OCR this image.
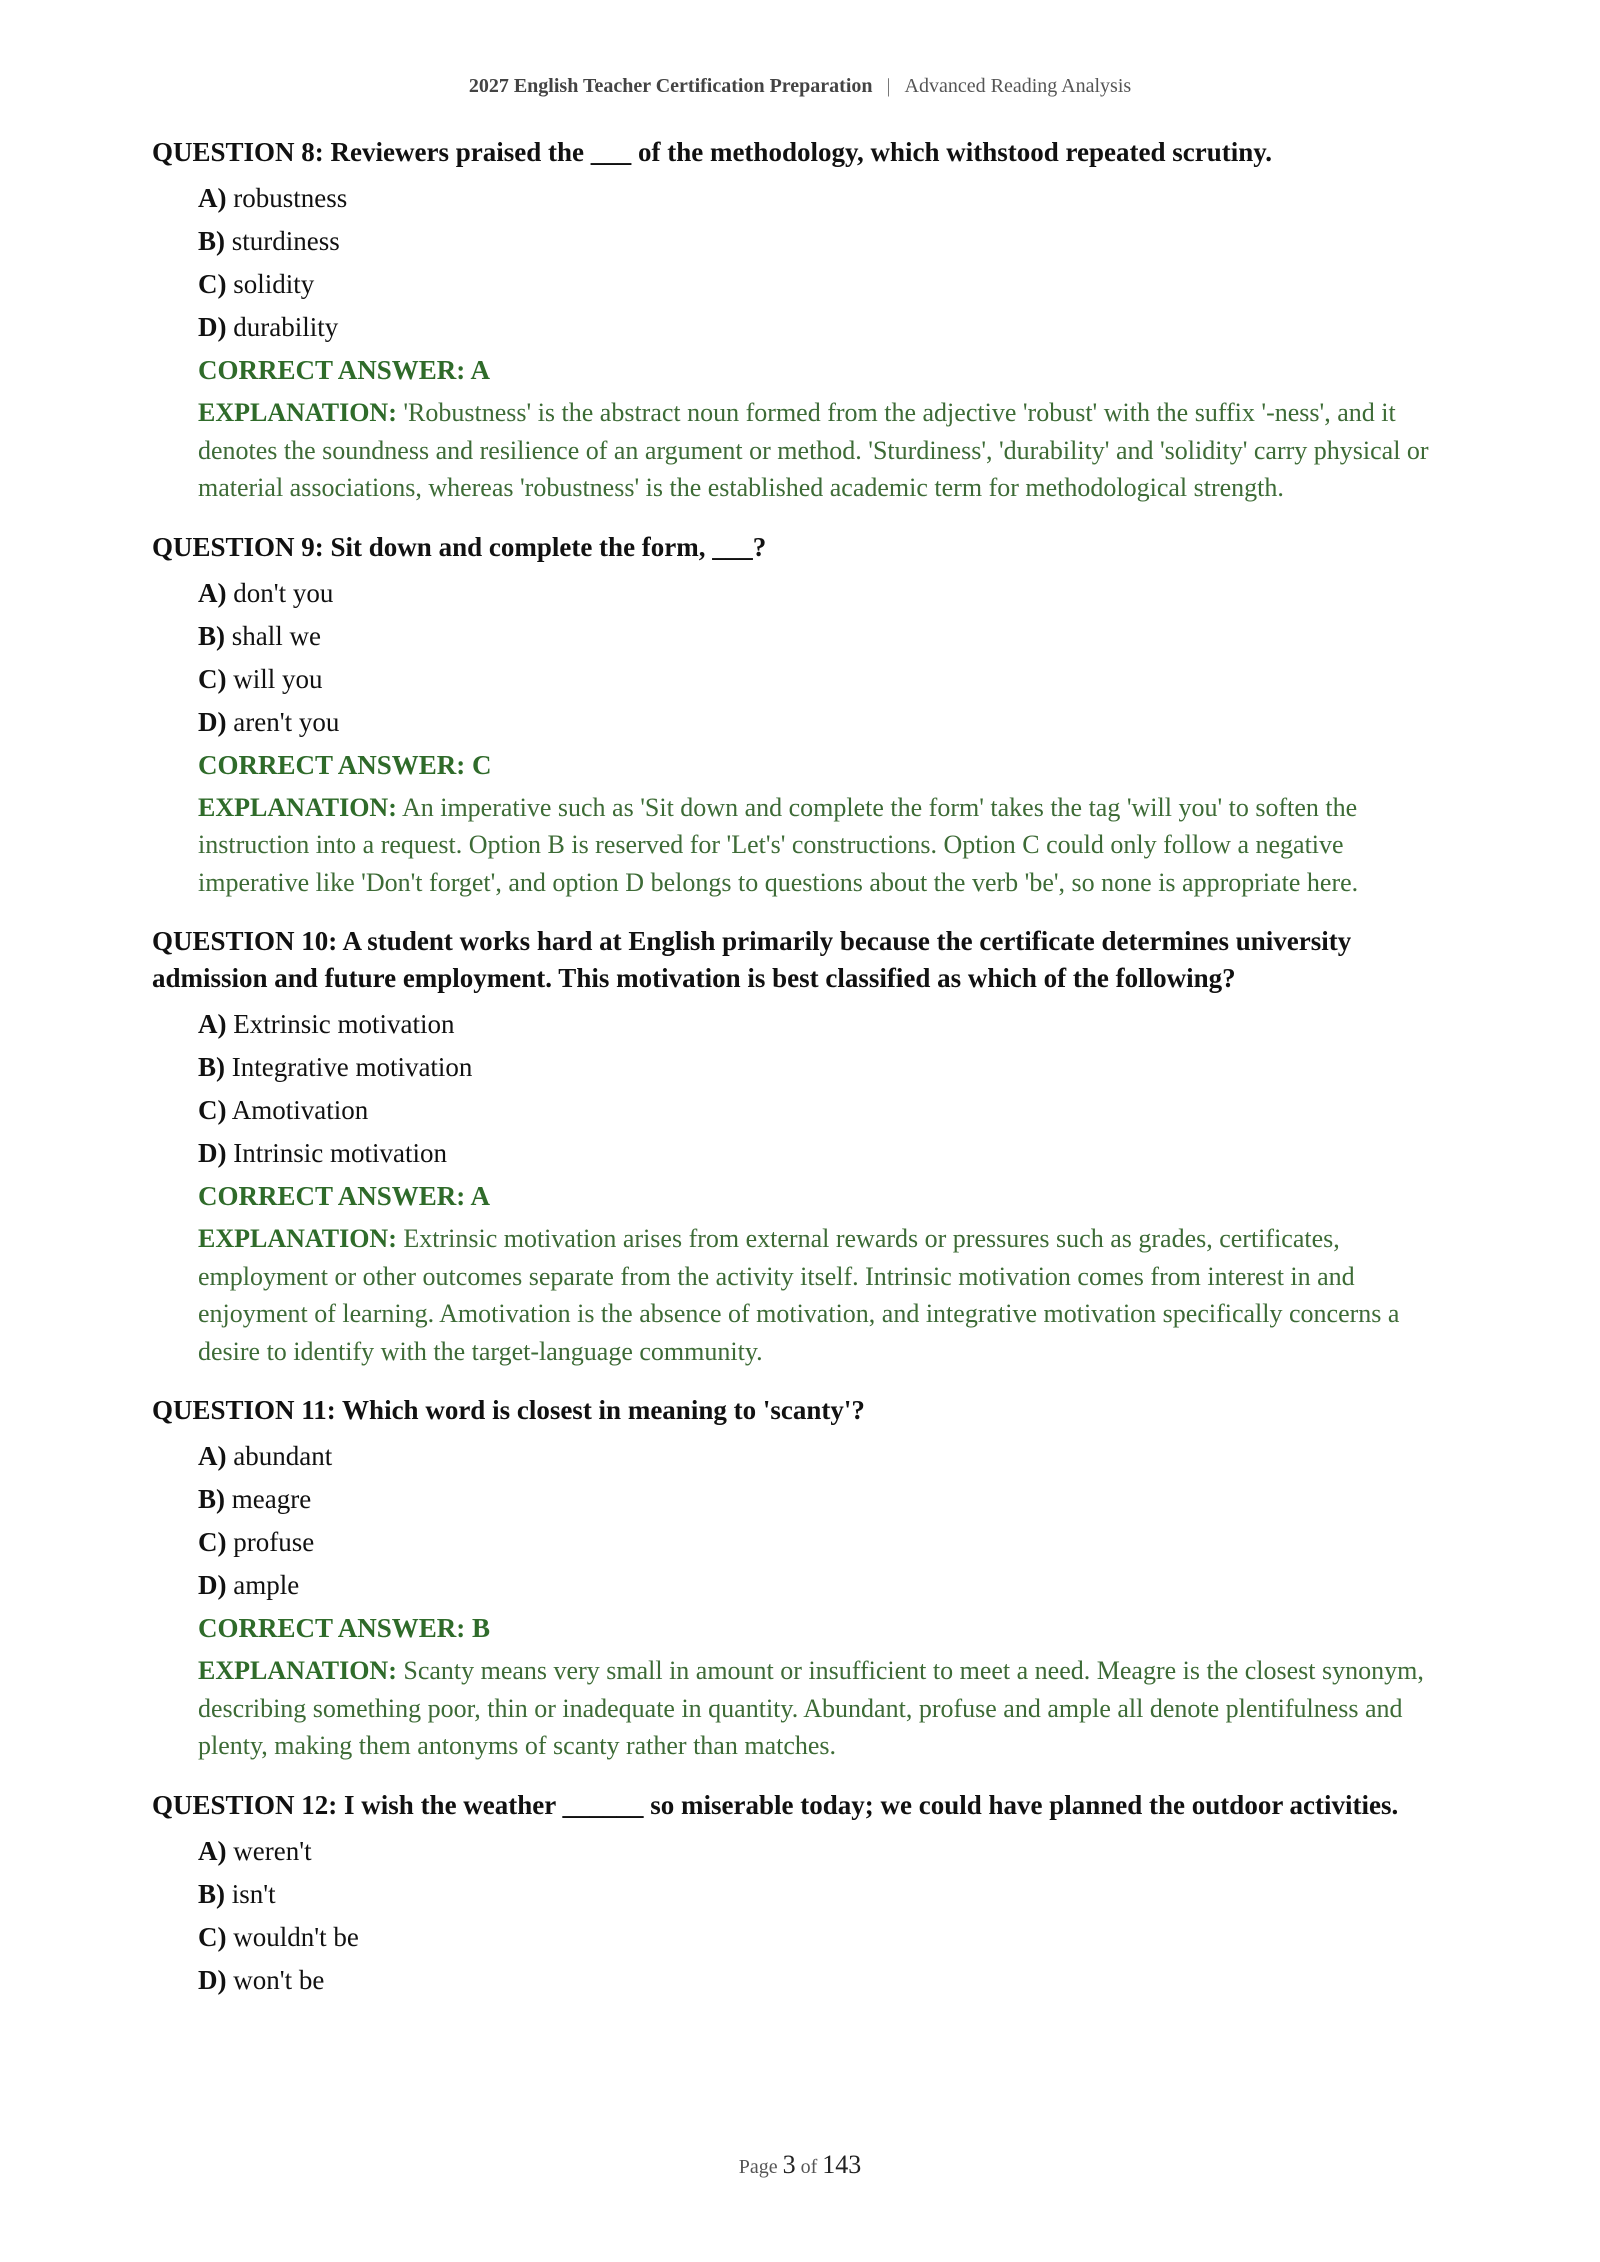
2027 English Teacher Certification Preparation | Advanced Reading Analysis
QUESTION 8: Reviewers praised the ___ of the methodology, which withstood repeated scrutiny.
A) robustness
B) sturdiness
C) solidity
D) durability
CORRECT ANSWER: A
EXPLANATION: 'Robustness' is the abstract noun formed from the adjective 'robust' with the suffix '-ness', and it denotes the soundness and resilience of an argument or method. 'Sturdiness', 'durability' and 'solidity' carry physical or material associations, whereas 'robustness' is the established academic term for methodological strength.
QUESTION 9: Sit down and complete the form, ___?
A) don't you
B) shall we
C) will you
D) aren't you
CORRECT ANSWER: C
EXPLANATION: An imperative such as 'Sit down and complete the form' takes the tag 'will you' to soften the instruction into a request. Option B is reserved for 'Let's' constructions. Option C could only follow a negative imperative like 'Don't forget', and option D belongs to questions about the verb 'be', so none is appropriate here.
QUESTION 10: A student works hard at English primarily because the certificate determines university admission and future employment. This motivation is best classified as which of the following?
A) Extrinsic motivation
B) Integrative motivation
C) Amotivation
D) Intrinsic motivation
CORRECT ANSWER: A
EXPLANATION: Extrinsic motivation arises from external rewards or pressures such as grades, certificates, employment or other outcomes separate from the activity itself. Intrinsic motivation comes from interest in and enjoyment of learning. Amotivation is the absence of motivation, and integrative motivation specifically concerns a desire to identify with the target-language community.
QUESTION 11: Which word is closest in meaning to 'scanty'?
A) abundant
B) meagre
C) profuse
D) ample
CORRECT ANSWER: B
EXPLANATION: Scanty means very small in amount or insufficient to meet a need. Meagre is the closest synonym, describing something poor, thin or inadequate in quantity. Abundant, profuse and ample all denote plentifulness and plenty, making them antonyms of scanty rather than matches.
QUESTION 12: I wish the weather ______ so miserable today; we could have planned the outdoor activities.
A) weren't
B) isn't
C) wouldn't be
D) won't be
Page 3 of 143
